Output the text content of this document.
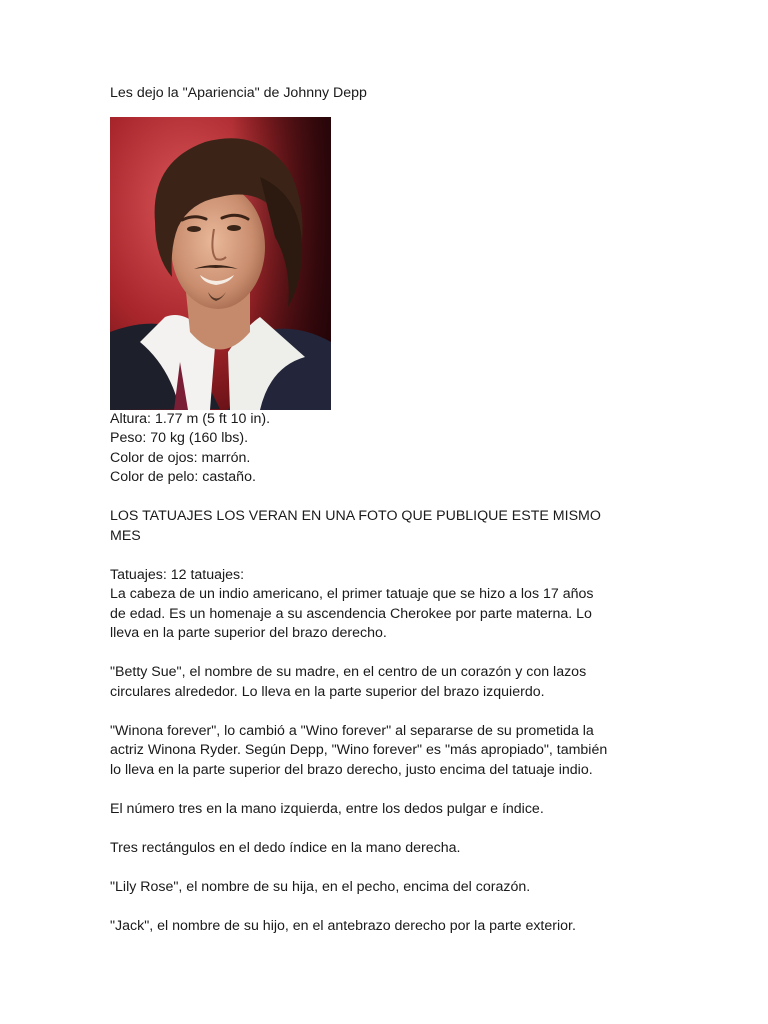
Les dejo la "Apariencia" de Johnny Depp

Altura: 1.77 m (5 ft 10 in).

Peso: 70 kg (160 lbs).

Color de ojos: marrón.

Color de pelo: castaño.

LOS TATUAJES LOS VERAN EN UNA FOTO QUE PUBLIQUE ESTE MISMO

MES

Tatuajes: 12 tatuajes:

La cabeza de un indio americano, el primer tatuaje que se hizo a los 17 años

de edad. Es un homenaje a su ascendencia Cherokee por parte materna. Lo

lleva en la parte superior del brazo derecho.

"Betty Sue", el nombre de su madre, en el centro de un corazón y con lazos

circulares alrededor. Lo lleva en la parte superior del brazo izquierdo.

"Winona forever", lo cambió a "Wino forever" al separarse de su prometida la

actriz Winona Ryder. Según Depp, "Wino forever" es "más apropiado", también

lo lleva en la parte superior del brazo derecho, justo encima del tatuaje indio.

El número tres en la mano izquierda, entre los dedos pulgar e índice.

Tres rectángulos en el dedo índice en la mano derecha.

"Lily Rose", el nombre de su hija, en el pecho, encima del corazón.

"Jack", el nombre de su hijo, en el antebrazo derecho por la parte exterior.
